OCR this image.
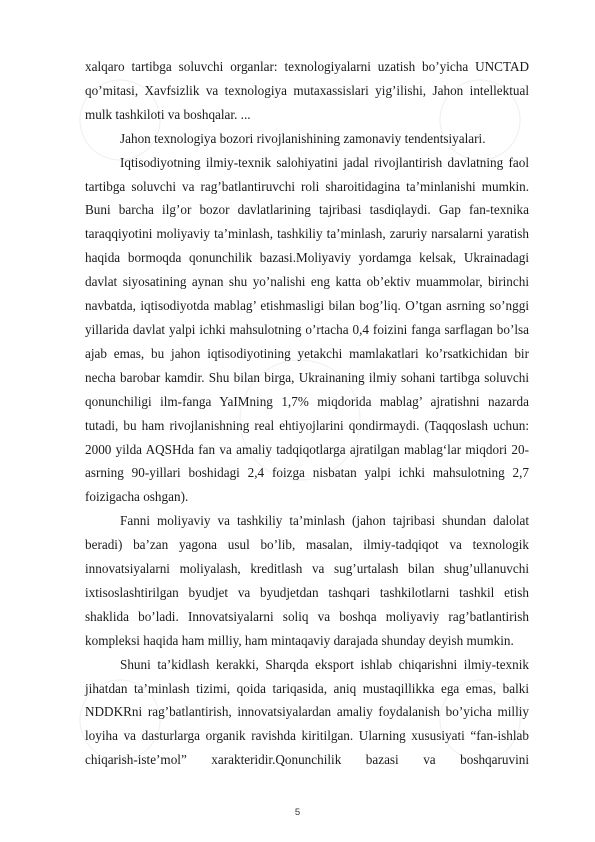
xalqaro tartibga soluvchi organlar: texnologiyalarni uzatish bo’yicha UNCTAD qo’mitasi, Xavfsizlik va texnologiya mutaxassislari yig’ilishi, Jahon intellektual mulk tashkiloti va boshqalar. ...

Jahon texnologiya bozori rivojlanishining zamonaviy tendentsiyalari.

Iqtisodiyotning ilmiy-texnik salohiyatini jadal rivojlantirish davlatning faol tartibga soluvchi va rag’batlantiruvchi roli sharoitidagina ta’minlanishi mumkin. Buni barcha ilg’or bozor davlatlarining tajribasi tasdiqlaydi. Gap fan-texnika taraqqiyotini moliyaviy ta’minlash, tashkiliy ta’minlash, zaruriy narsalarni yaratish haqida bormoqda qonunchilik bazasi.Moliyaviy yordamga kelsak, Ukrainadagi davlat siyosatining aynan shu yo’nalishi eng katta ob’ektiv muammolar, birinchi navbatda, iqtisodiyotda mablag’ etishmasligi bilan bog’liq. O’tgan asrning so’nggi yillarida davlat yalpi ichki mahsulotning o’rtacha 0,4 foizini fanga sarflagan bo’lsa ajab emas, bu jahon iqtisodiyotining yetakchi mamlakatlari ko’rsatkichidan bir necha barobar kamdir. Shu bilan birga, Ukrainaning ilmiy sohani tartibga soluvchi qonunchiligi ilm-fanga YaIMning 1,7% miqdorida mablag’ ajratishni nazarda tutadi, bu ham rivojlanishning real ehtiyojlarini qondirmaydi. (Taqqoslash uchun: 2000 yilda AQSHda fan va amaliy tadqiqotlarga ajratilgan mablag‘lar miqdori 20-asrning 90-yillari boshidagi 2,4 foizga nisbatan yalpi ichki mahsulotning 2,7 foizigacha oshgan).

Fanni moliyaviy va tashkiliy ta’minlash (jahon tajribasi shundan dalolat beradi) ba’zan yagona usul bo’lib, masalan, ilmiy-tadqiqot va texnologik innovatsiyalarni moliyalash, kreditlash va sug’urtalash bilan shug’ullanuvchi ixtisoslashtirilgan byudjet va byudjetdan tashqari tashkilotlarni tashkil etish shaklida bo’ladi. Innovatsiyalarni soliq va boshqa moliyaviy rag’batlantirish kompleksi haqida ham milliy, ham mintaqaviy darajada shunday deyish mumkin.

Shuni ta’kidlash kerakki, Sharqda eksport ishlab chiqarishni ilmiy-texnik jihatdan ta’minlash tizimi, qoida tariqasida, aniq mustaqillikka ega emas, balki NDDKRni rag’batlantirish, innovatsiyalardan amaliy foydalanish bo’yicha milliy loyiha va dasturlarga organik ravishda kiritilgan. Ularning xususiyati “fan-ishlab chiqarish-iste’mol” xarakteridir.Qonunchilik bazasi va boshqaruvini

5
